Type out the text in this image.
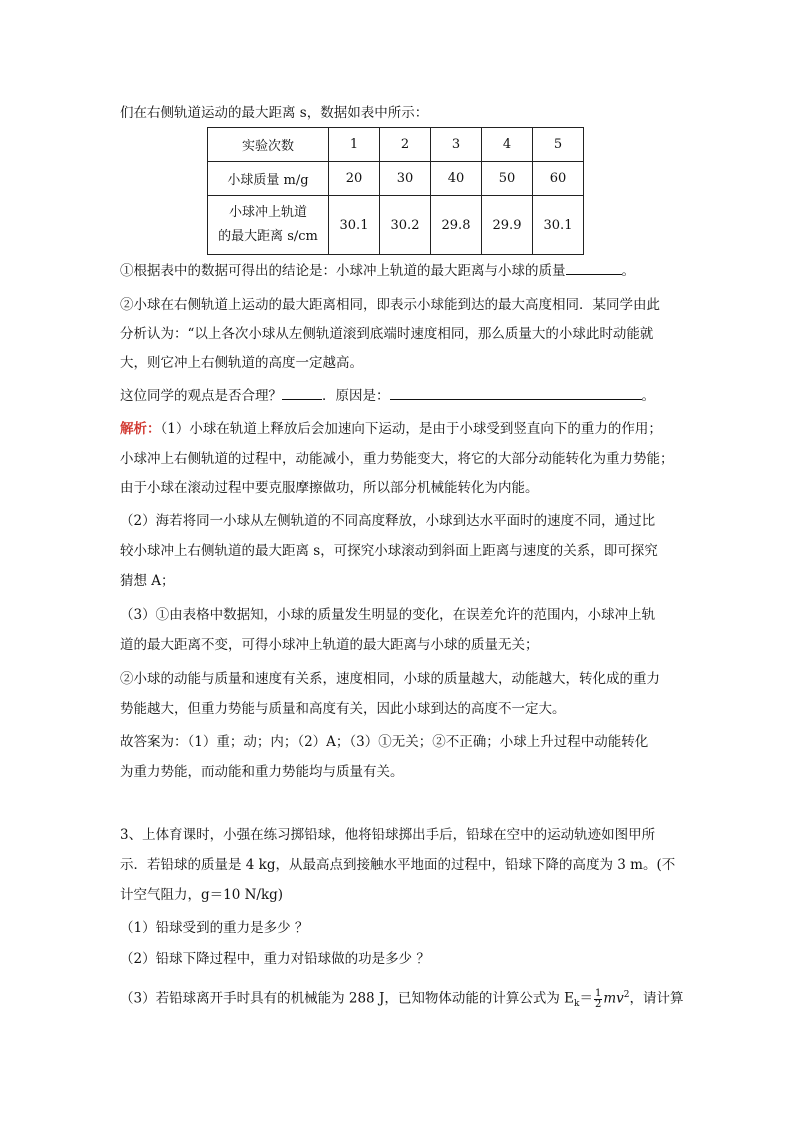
们在右侧轨道运动的最大距离 s，数据如表中所示：
实验次数	1	2	3	4	5
小球质量 m/g	20	30	40	50	60

小球冲上轨道
的最大距离 s/cm	30.1	30.2	29.8	29.9	30.1
①根据表中的数据可得出的结论是：小球冲上轨道的最大距离与小球的质量	。
②小球在右侧轨道上运动的最大距离相同，即表示小球能到达的最大高度相同．某同学由此
分析认为：“以上各次小球从左侧轨道滚到底端时速度相同，那么质量大的小球此时动能就
大，则它冲上右侧轨道的高度一定越高。
这位同学的观点是否合理？	．原因是：	。
解析：（1）小球在轨道上释放后会加速向下运动，是由于小球受到竖直向下的重力的作用；
小球冲上右侧轨道的过程中，动能减小，重力势能变大，将它的大部分动能转化为重力势能；
由于小球在滚动过程中要克服摩擦做功，所以部分机械能转化为内能。
（2）海若将同一小球从左侧轨道的不同高度释放，小球到达水平面时的速度不同，通过比
较小球冲上右侧轨道的最大距离 s，可探究小球滚动到斜面上距离与速度的关系，即可探究
猜想 A；
（3）①由表格中数据知，小球的质量发生明显的变化，在误差允许的范围内，小球冲上轨
道的最大距离不变，可得小球冲上轨道的最大距离与小球的质量无关；
②小球的动能与质量和速度有关系，速度相同，小球的质量越大，动能越大，转化成的重力
势能越大，但重力势能与质量和高度有关，因此小球到达的高度不一定大。
故答案为：（1）重；动；内；（2）A；（3）①无关；②不正确；小球上升过程中动能转化
为重力势能，而动能和重力势能均与质量有关。
3、上体育课时，小强在练习掷铅球，他将铅球掷出手后，铅球在空中的运动轨迹如图甲所
示．若铅球的质量是 4 kg，从最高点到接触水平地面的过程中，铅球下降的高度为 3 m。(不
计空气阻力，g＝10 N/kg)
（1）铅球受到的重力是多少 ？
（2）铅球下降过程中，重力对铅球做的功是多少 ？
（3）若铅球离开手时具有的机械能为 288 J，已知物体动能的计算公式为 $E_k= \frac{1}{2} mv^2$，请计算
